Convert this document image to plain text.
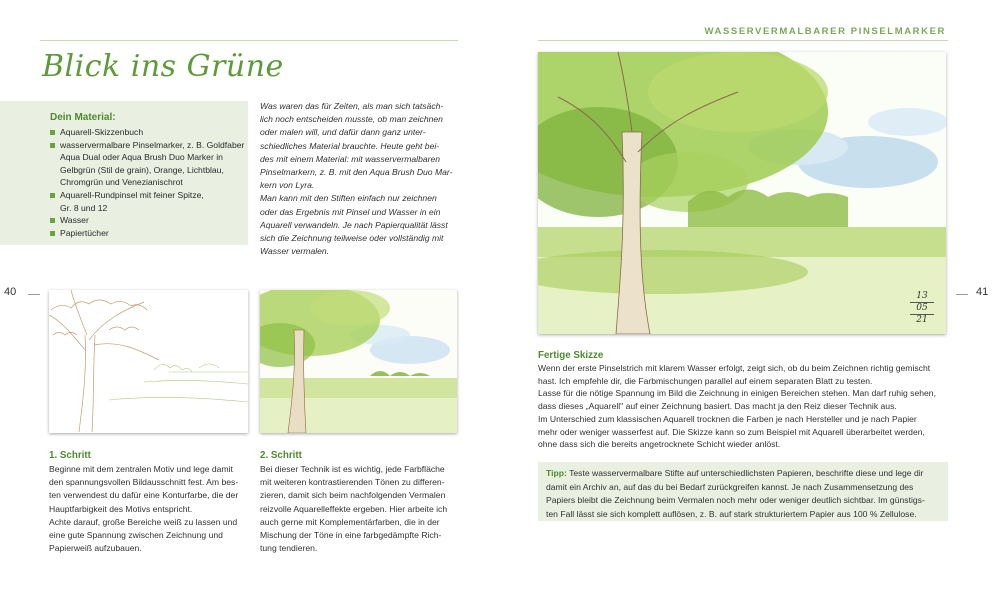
WASSERVERMALBARER PINSELMARKER
Blick ins Grüne
Dein Material:
Aquarell-Skizzenbuch
wasservermalbare Pinselmarker, z. B. Goldfaber
Aqua Dual oder Aqua Brush Duo Marker in
Gelbgrün (Stil de grain), Orange, Lichtblau,
Chromgrün und Venezianischrot
Aquarell-Rundpinsel mit feiner Spitze,
Gr. 8 und 12
Wasser
Papiertücher
Was waren das für Zeiten, als man sich tatsäch-
lich noch entscheiden musste, ob man zeichnen
oder malen will, und dafür dann ganz unter-
schiedliches Material brauchte. Heute geht bei-
des mit einem Material: mit wasservermalbaren
Pinselmarkern, z. B. mit den Aqua Brush Duo Mar-
kern von Lyra.
Man kann mit den Stiften einfach nur zeichnen
oder das Ergebnis mit Pinsel und Wasser in ein
Aquarell verwandeln. Je nach Papierqualität lässt
sich die Zeichnung teilweise oder vollständig mit
Wasser vermalen.
40	41
1. Schritt
Beginne mit dem zentralen Motiv und lege damit
den spannungsvollen Bildausschnitt fest. Am bes-
ten verwendest du dafür eine Konturfarbe, die der
Hauptfarbigkeit des Motivs entspricht.
Achte darauf, große Bereiche weiß zu lassen und
eine gute Spannung zwischen Zeichnung und
Papierweiß aufzubauen.
2. Schritt
Bei dieser Technik ist es wichtig, jede Farbfläche
mit weiteren kontrastierenden Tönen zu differen-
zieren, damit sich beim nachfolgenden Vermalen
reizvolle Aquarelleffekte ergeben. Hier arbeite ich
auch gerne mit Komplementärfarben, die in der
Mischung der Töne in eine farbgedämpfte Rich-
tung tendieren.
13
05
21
Fertige Skizze
Wenn der erste Pinselstrich mit klarem Wasser erfolgt, zeigt sich, ob du beim Zeichnen richtig gemischt
hast. Ich empfehle dir, die Farbmischungen parallel auf einem separaten Blatt zu testen.
Lasse für die nötige Spannung im Bild die Zeichnung in einigen Bereichen stehen. Man darf ruhig sehen,
dass dieses „Aquarell" auf einer Zeichnung basiert. Das macht ja den Reiz dieser Technik aus.
Im Unterschied zum klassischen Aquarell trocknen die Farben je nach Hersteller und je nach Papier
mehr oder weniger wasserfest auf. Die Skizze kann so zum Beispiel mit Aquarell überarbeitet werden,
ohne dass sich die bereits angetrocknete Schicht wieder anlöst.
Tipp: Teste wasservermalbare Stifte auf unterschiedlichsten Papieren, beschrifte diese und lege dir
damit ein Archiv an, auf das du bei Bedarf zurückgreifen kannst. Je nach Zusammensetzung des
Papiers bleibt die Zeichnung beim Vermalen noch mehr oder weniger deutlich sichtbar. Im günstigs-
ten Fall lässt sie sich komplett auflösen, z. B. auf stark strukturiertem Papier aus 100 % Zellulose.
